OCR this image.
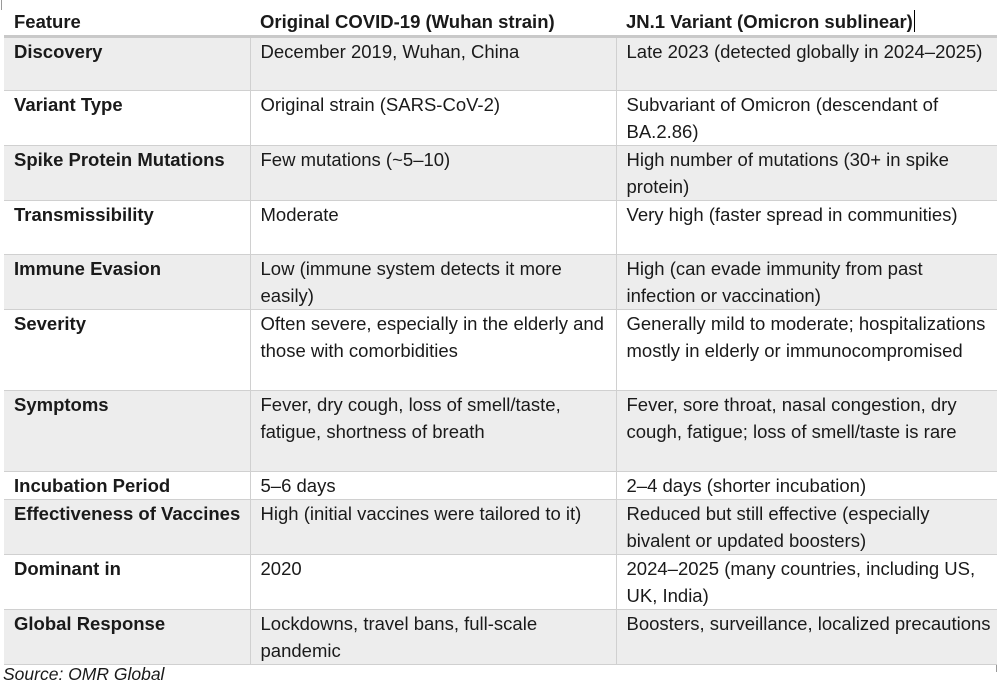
Feature	Original COVID-19 (Wuhan strain)	JN.1 Variant (Omicron sublinear)
Discovery	December 2019, Wuhan, China	Late 2023 (detected globally in 2024–2025)
Variant Type	Original strain (SARS-CoV-2)	Subvariant of Omicron (descendant of BA.2.86)
Spike Protein Mutations	Few mutations (~5–10)	High number of mutations (30+ in spike protein)
Transmissibility	Moderate	Very high (faster spread in communities)
Immune Evasion	Low (immune system detects it more easily)	High (can evade immunity from past infection or vaccination)
Severity	Often severe, especially in the elderly and those with comorbidities	Generally mild to moderate; hospitalizations mostly in elderly or immunocompromised
Symptoms	Fever, dry cough, loss of smell/taste, fatigue, shortness of breath	Fever, sore throat, nasal congestion, dry cough, fatigue; loss of smell/taste is rare
Incubation Period	5–6 days	2–4 days (shorter incubation)
Effectiveness of Vaccines	High (initial vaccines were tailored to it)	Reduced but still effective (especially bivalent or updated boosters)
Dominant in	2020	2024–2025 (many countries, including US, UK, India)
Global Response	Lockdowns, travel bans, full-scale pandemic	Boosters, surveillance, localized precautions
Source: OMR Global
